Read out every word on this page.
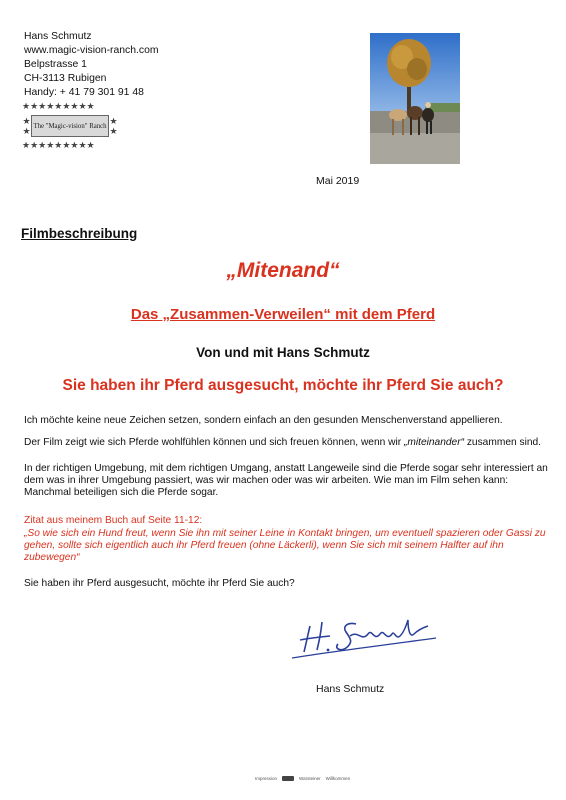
Hans Schmutz
www.magic-vision-ranch.com
Belpstrasse 1
CH-3113 Rubigen
Handy: + 41 79 301 91 48
★★★★★★★★★
★
★ The "Magic-vision" Ranch ★
★
★★★★★★★★★
Mai 2019
Filmbeschreibung
„Mitenand“
Das „Zusammen-Verweilen“ mit dem Pferd
Von und mit Hans Schmutz
Sie haben ihr Pferd ausgesucht, möchte ihr Pferd Sie auch?
Ich möchte keine neue Zeichen setzen, sondern einfach an den gesunden Menschenverstand appellieren.
Der Film zeigt wie sich Pferde wohlfühlen können und sich freuen können, wenn wir „miteinander“ zusammen sind.
In der richtigen Umgebung, mit dem richtigen Umgang, anstatt Langeweile sind die Pferde sogar sehr interessiert an dem was in ihrer Umgebung passiert, was wir machen oder was wir arbeiten. Wie man im Film sehen kann: Manchmal beteiligen sich die Pferde sogar.
Zitat aus meinem Buch auf Seite 11-12:
„So wie sich ein Hund freut, wenn Sie ihn mit seiner Leine in Kontakt bringen, um eventuell spazieren oder Gassi zu gehen, sollte sich eigentlich auch ihr Pferd freuen (ohne Läckerli), wenn Sie sich mit seinem Halfter auf ihn zubewegen“
Sie haben ihr Pferd ausgesucht, möchte ihr Pferd Sie auch?
Hans Schmutz
Impression	Warsteiner Willkommen
